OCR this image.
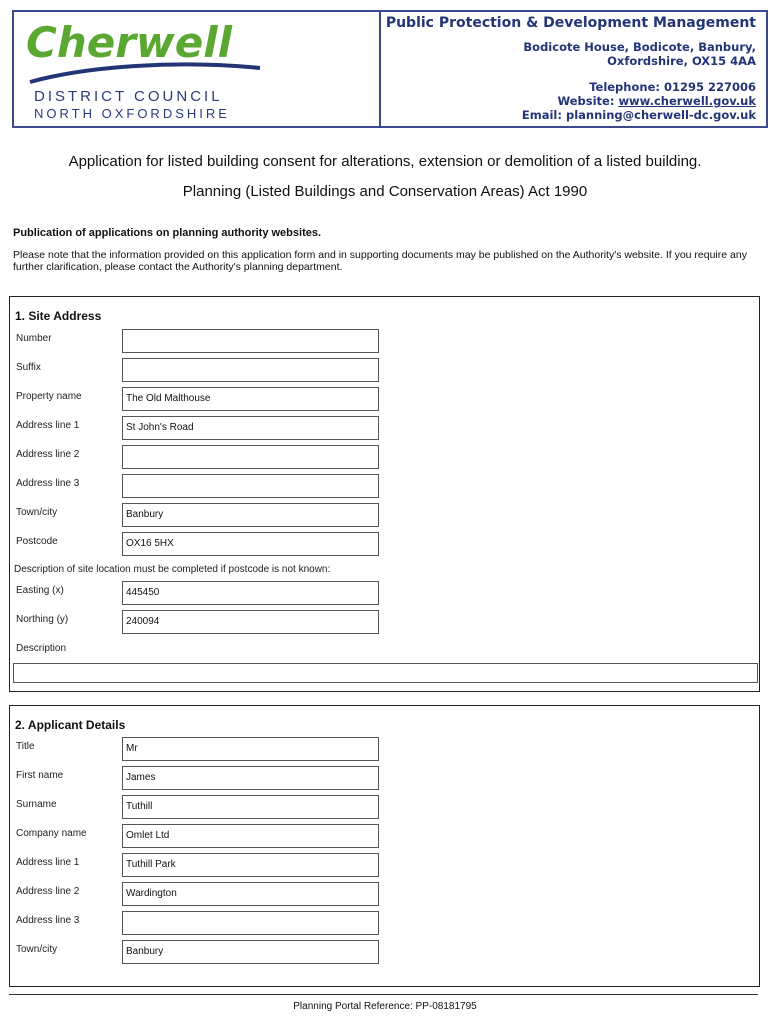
Cherwell
DISTRICT COUNCIL
NORTH OXFORDSHIRE
Public Protection & Development Management
Bodicote House, Bodicote, Banbury,
Oxfordshire, OX15 4AA
Telephone: 01295 227006
Website: www.cherwell.gov.uk
Email: planning@cherwell-dc.gov.uk
Application for listed building consent for alterations, extension or demolition of a listed building.
Planning (Listed Buildings and Conservation Areas) Act 1990
Publication of applications on planning authority websites.
Please note that the information provided on this application form and in supporting documents may be published on the Authority's website. If you require any further clarification, please contact the Authority's planning department.
1. Site Address
Number
Suffix
Property name	The Old Malthouse
Address line 1	St John's Road
Address line 2
Address line 3
Town/city	Banbury
Postcode	OX16 5HX
Description of site location must be completed if postcode is not known:
Easting (x)	445450
Northing (y)	240094
Description
2. Applicant Details
Title	Mr
First name	James
Surname	Tuthill
Company name	Omlet Ltd
Address line 1	Tuthill Park
Address line 2	Wardington
Address line 3
Town/city	Banbury
Planning Portal Reference: PP-08181795
